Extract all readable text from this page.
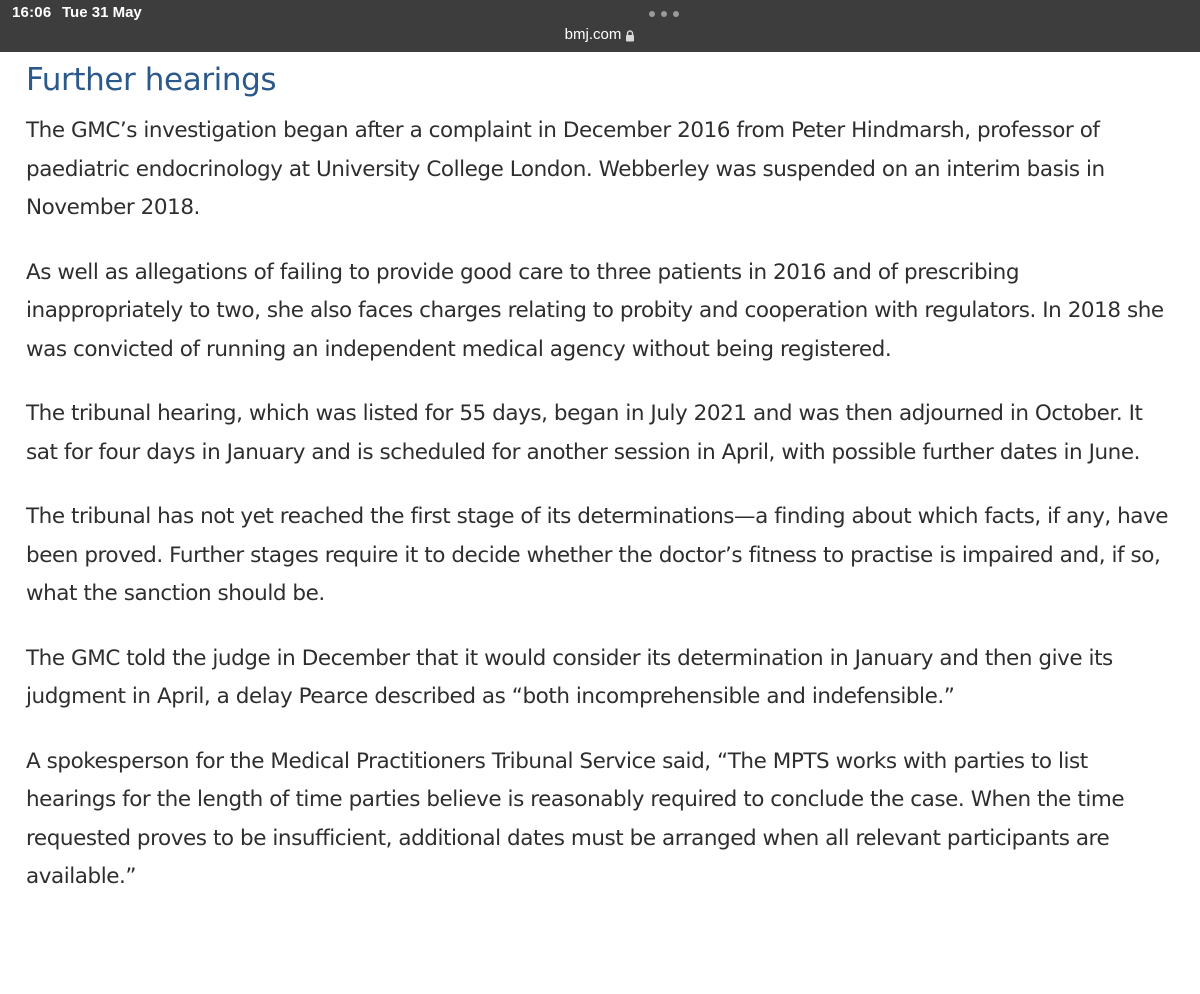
16:06 Tue 31 May
bmj.com
Further hearings

The GMC’s investigation began after a complaint in December 2016 from Peter Hindmarsh, professor of paediatric endocrinology at University College London. Webberley was suspended on an interim basis in November 2018.

As well as allegations of failing to provide good care to three patients in 2016 and of prescribing inappropriately to two, she also faces charges relating to probity and cooperation with regulators. In 2018 she was convicted of running an independent medical agency without being registered.

The tribunal hearing, which was listed for 55 days, began in July 2021 and was then adjourned in October. It sat for four days in January and is scheduled for another session in April, with possible further dates in June.

The tribunal has not yet reached the first stage of its determinations—a finding about which facts, if any, have been proved. Further stages require it to decide whether the doctor’s fitness to practise is impaired and, if so, what the sanction should be.

The GMC told the judge in December that it would consider its determination in January and then give its judgment in April, a delay Pearce described as “both incomprehensible and indefensible.”

A spokesperson for the Medical Practitioners Tribunal Service said, “The MPTS works with parties to list hearings for the length of time parties believe is reasonably required to conclude the case. When the time requested proves to be insufficient, additional dates must be arranged when all relevant participants are available.”
